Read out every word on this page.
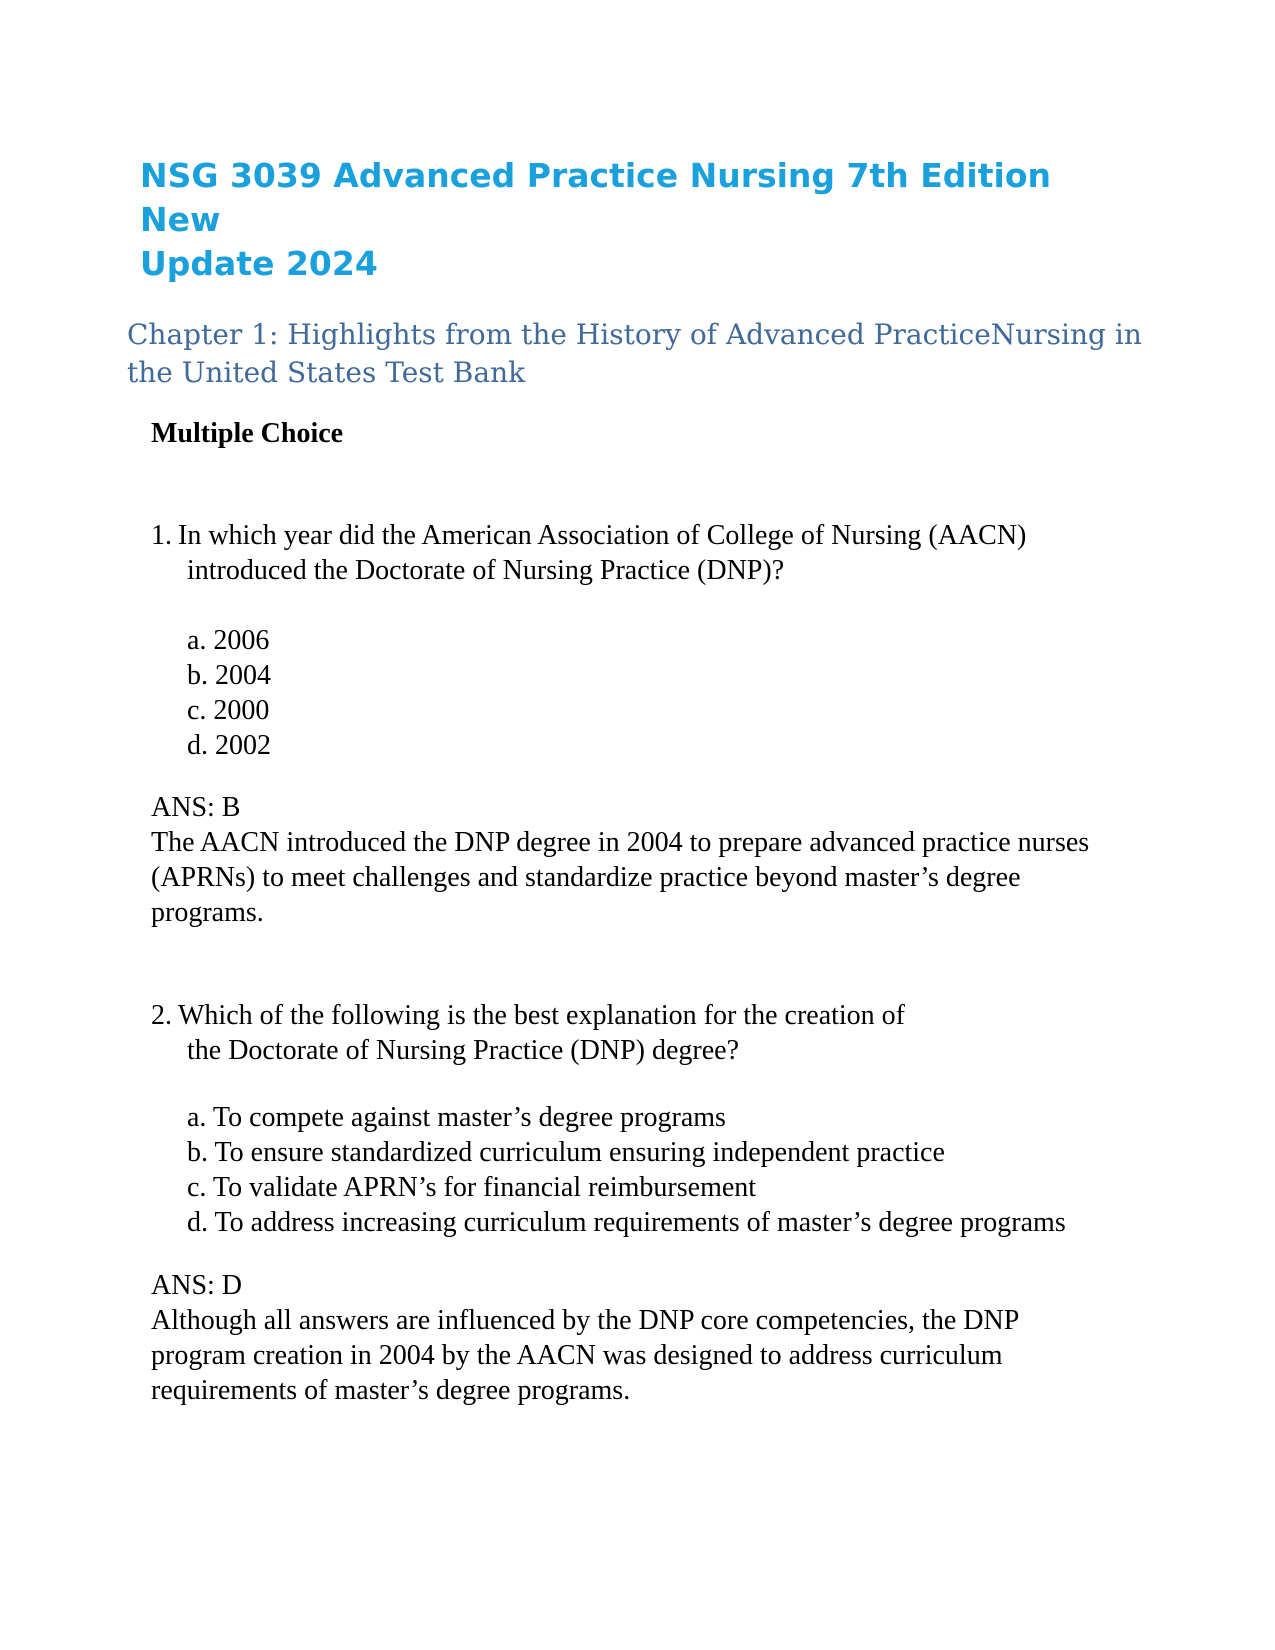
NSG 3039 Advanced Practice Nursing 7th Edition New
Update 2024
Chapter 1: Highlights from the History of Advanced PracticeNursing in
the United States Test Bank
Multiple Choice

1. In which year did the American Association of College of Nursing (AACN)
introduced the Doctorate of Nursing Practice (DNP)?

a. 2006
b. 2004
c. 2000
d. 2002

ANS: B

The AACN introduced the DNP degree in 2004 to prepare advanced practice nurses
(APRNs) to meet challenges and standardize practice beyond master’s degree
programs.

2. Which of the following is the best explanation for the creation of
the Doctorate of Nursing Practice (DNP) degree?

a. To compete against master’s degree programs
b. To ensure standardized curriculum ensuring independent practice
c. To validate APRN’s for financial reimbursement
d. To address increasing curriculum requirements of master’s degree programs

ANS: D

Although all answers are influenced by the DNP core competencies, the DNP
program creation in 2004 by the AACN was designed to address curriculum
requirements of master’s degree programs.
